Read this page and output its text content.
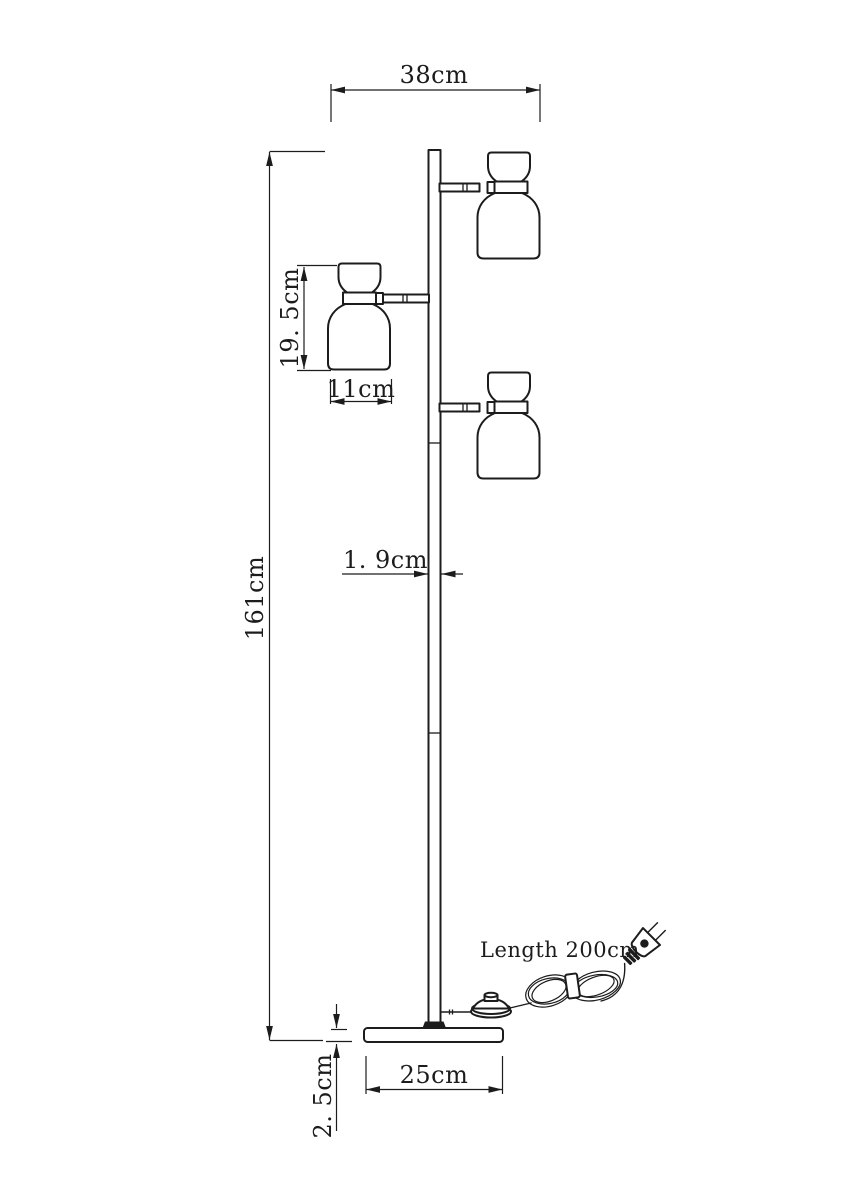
38cm
161cm
19. 5cm
11cm
1. 9cm
25cm
2. 5cm
Length 200cm
